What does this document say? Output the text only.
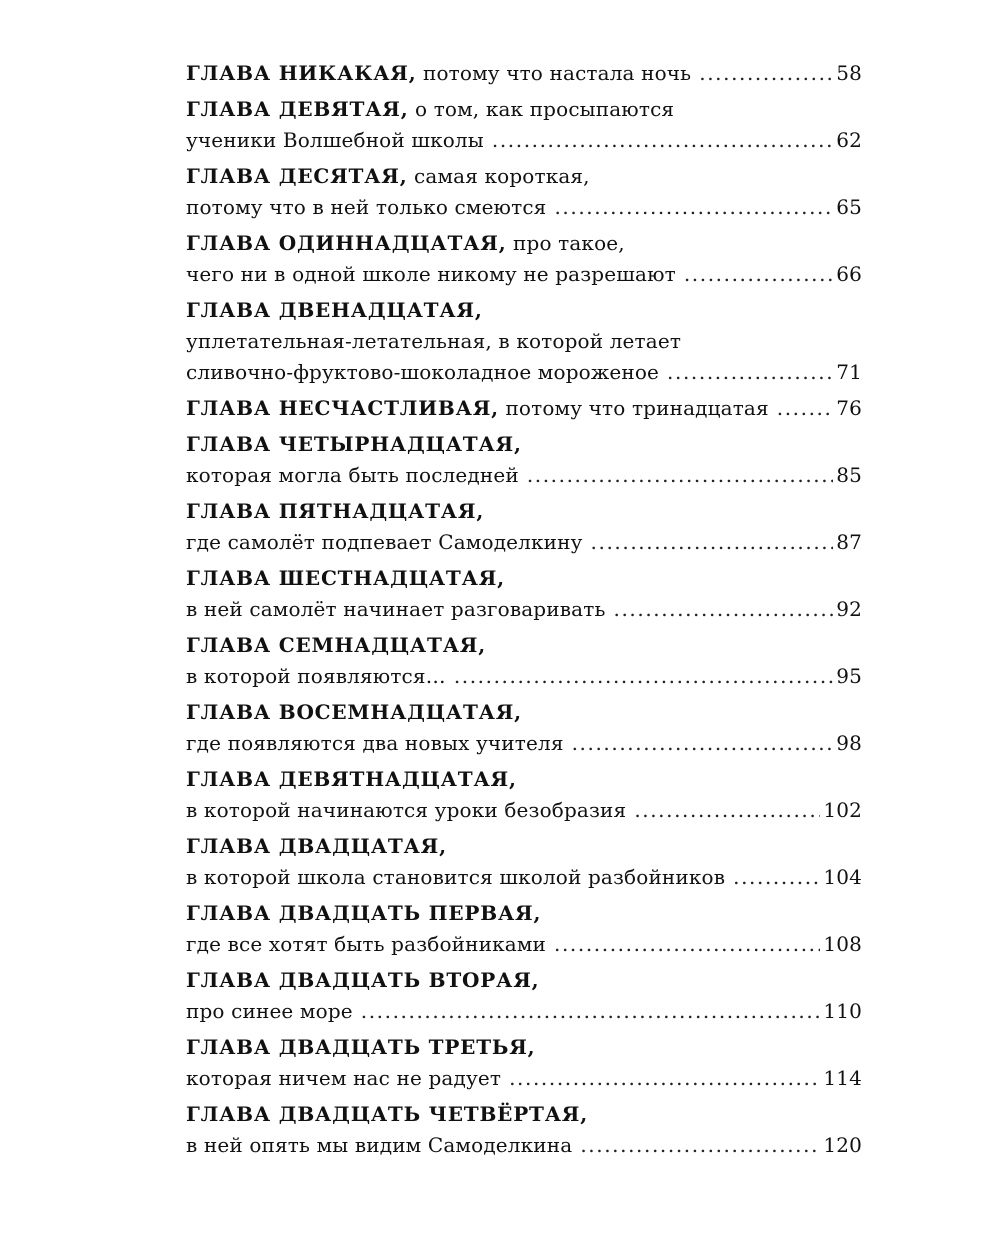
ГЛАВА НИКАКАЯ, потому что настала ночь .....	58
ГЛАВА ДЕВЯТАЯ, о том, как просыпаются
ученики Волшебной школы .....	62
ГЛАВА ДЕСЯТАЯ, самая короткая,
потому что в ней только смеются .....	65
ГЛАВА ОДИННАДЦАТАЯ, про такое,
чего ни в одной школе никому не разрешают .....	66
ГЛАВА ДВЕНАДЦАТАЯ,
уплетательная-летательная, в которой летает
сливочно-фруктово-шоколадное мороженое .....	71
ГЛАВА НЕСЧАСТЛИВАЯ, потому что тринадцатая .....	76
ГЛАВА ЧЕТЫРНАДЦАТАЯ,
которая могла быть последней .....	85
ГЛАВА ПЯТНАДЦАТАЯ,
где самолёт подпевает Самоделкину .....	87
ГЛАВА ШЕСТНАДЦАТАЯ,
в ней самолёт начинает разговаривать .....	92
ГЛАВА СЕМНАДЦАТАЯ,
в которой появляются… .....	95
ГЛАВА ВОСЕМНАДЦАТАЯ,
где появляются два новых учителя .....	98
ГЛАВА ДЕВЯТНАДЦАТАЯ,
в которой начинаются уроки безобразия .....	102
ГЛАВА ДВАДЦАТАЯ,
в которой школа становится школой разбойников .....	104
ГЛАВА ДВАДЦАТЬ ПЕРВАЯ,
где все хотят быть разбойниками .....	108
ГЛАВА ДВАДЦАТЬ ВТОРАЯ,
про синее море .....	110
ГЛАВА ДВАДЦАТЬ ТРЕТЬЯ,
которая ничем нас не радует .....	114
ГЛАВА ДВАДЦАТЬ ЧЕТВЁРТАЯ,
в ней опять мы видим Самоделкина .....	120
